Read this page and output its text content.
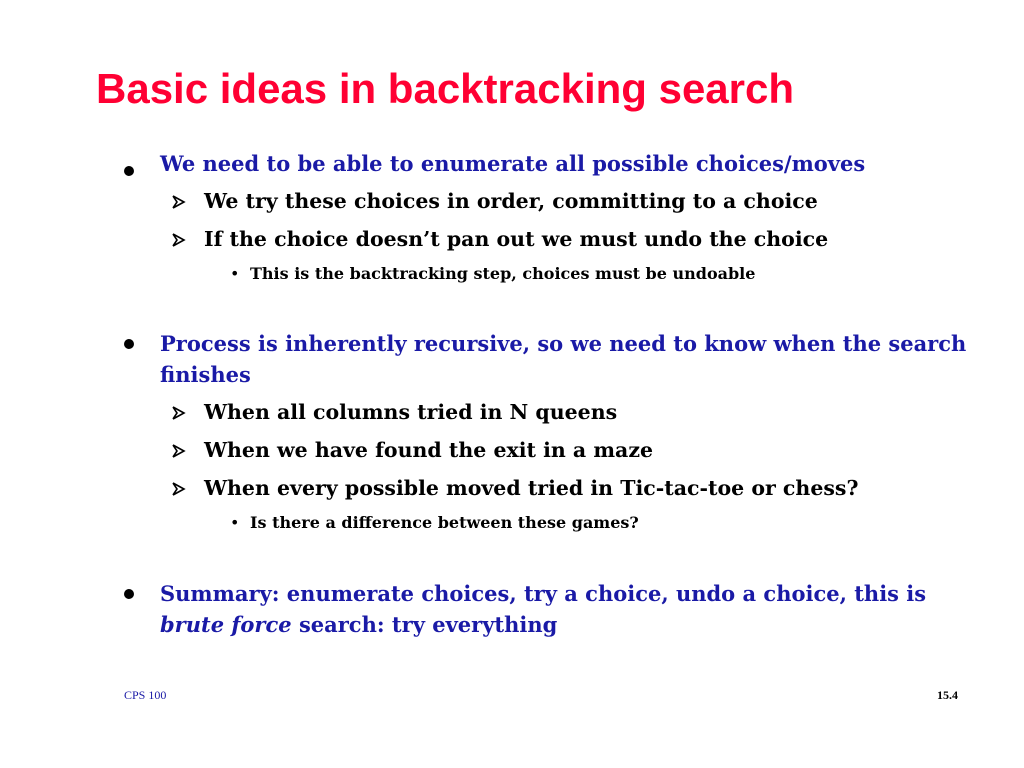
Basic ideas in backtracking search

We need to be able to enumerate all possible choices/moves

We try these choices in order, committing to a choice
If the choice doesn’t pan out we must undo the choice
• This is the backtracking step, choices must be undoable

Process is inherently recursive, so we need to know when the search finishes

When all columns tried in N queens
When we have found the exit in a maze
When every possible moved tried in Tic-tac-toe or chess?
• Is there a difference between these games?

Summary: enumerate choices, try a choice, undo a choice, this is brute force search: try everything

CPS 100	15.4
